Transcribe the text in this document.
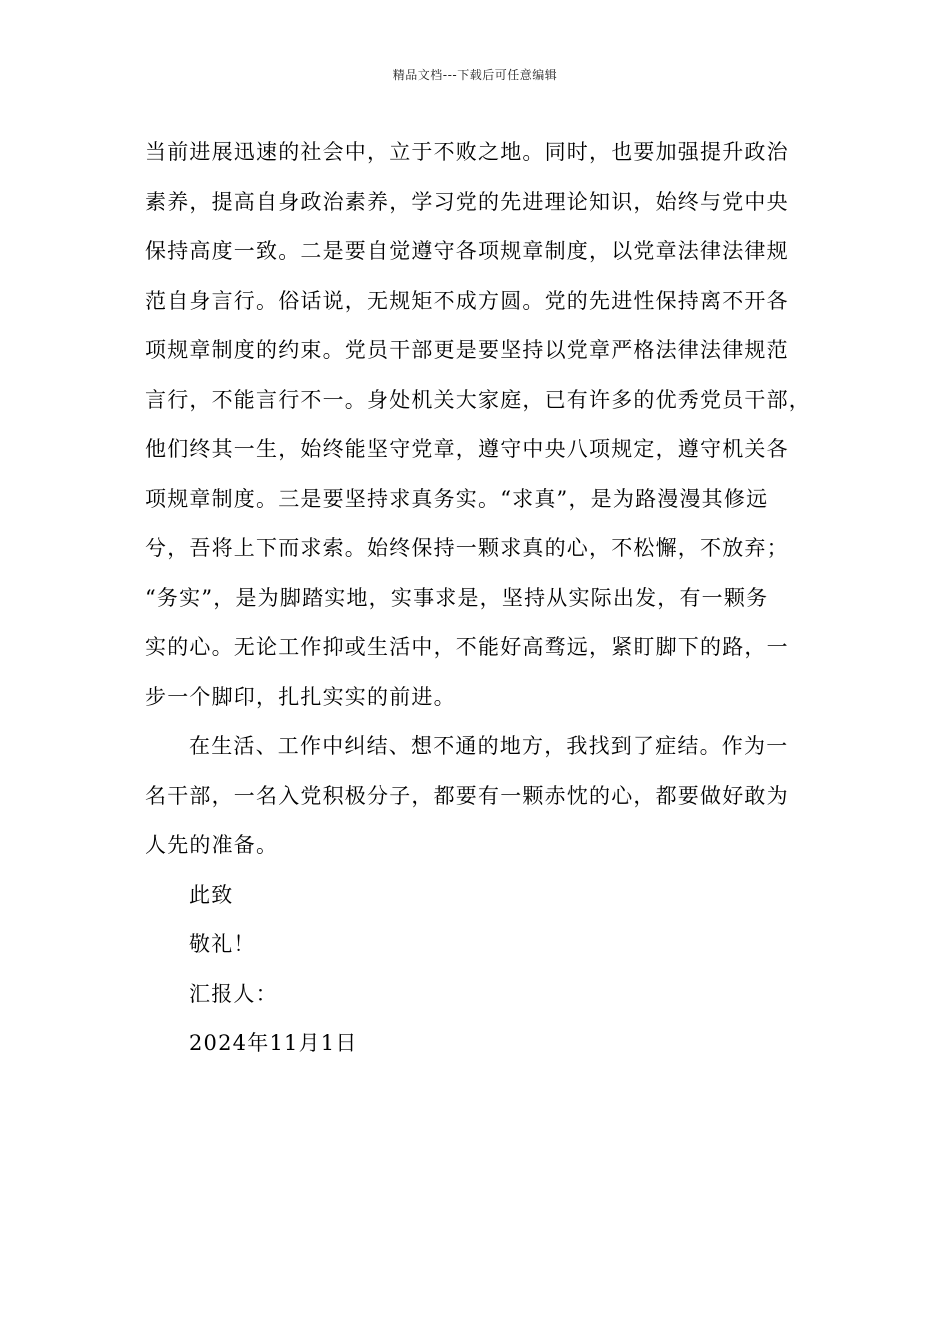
精品文档---下载后可任意编辑

当前进展迅速的社会中，立于不败之地。同时，也要加强提升政治
素养，提高自身政治素养，学习党的先进理论知识，始终与党中央
保持高度一致。二是要自觉遵守各项规章制度，以党章法律法律规
范自身言行。俗话说，无规矩不成方圆。党的先进性保持离不开各
项规章制度的约束。党员干部更是要坚持以党章严格法律法律规范
言行，不能言行不一。身处机关大家庭，已有许多的优秀党员干部，
他们终其一生，始终能坚守党章，遵守中央八项规定，遵守机关各
项规章制度。三是要坚持求真务实。“求真”，是为路漫漫其修远
兮，吾将上下而求索。始终保持一颗求真的心，不松懈，不放弃；
“务实”，是为脚踏实地，实事求是，坚持从实际出发，有一颗务
实的心。无论工作抑或生活中，不能好高骛远，紧盯脚下的路，一
步一个脚印，扎扎实实的前进。

在生活、工作中纠结、想不通的地方，我找到了症结。作为一
名干部，一名入党积极分子，都要有一颗赤忱的心，都要做好敢为
人先的准备。

此致

敬礼！

汇报人：

2024年11月1日
